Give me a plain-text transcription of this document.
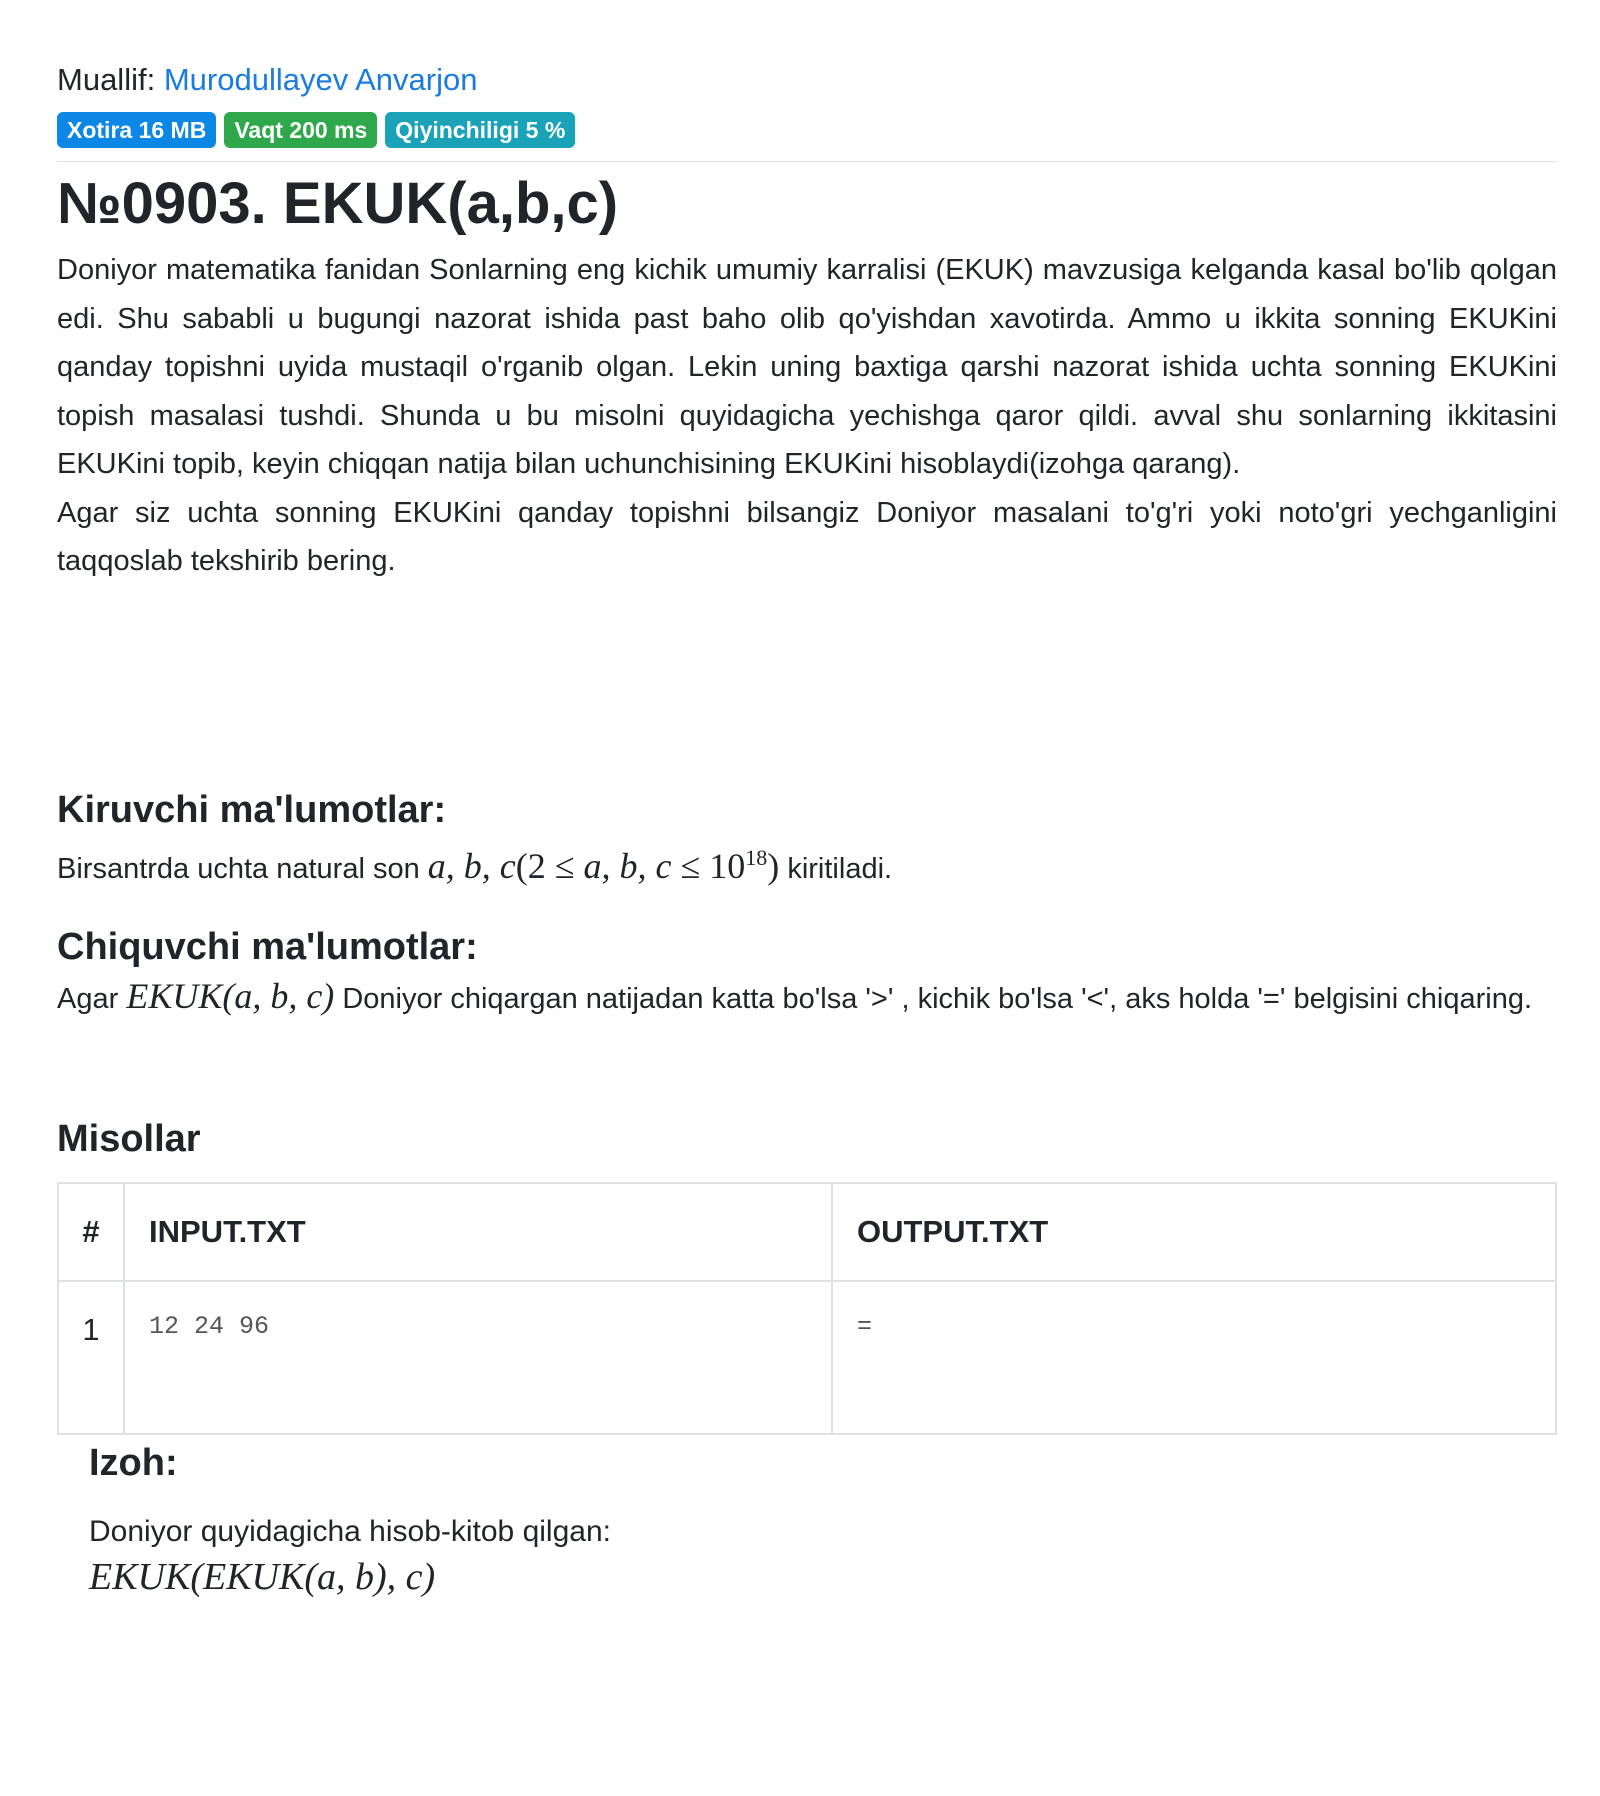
Muallif: Murodullayev Anvarjon
Xotira 16 MB	Vaqt 200 ms	Qiyinchiligi 5 %
№0903. EKUK(a,b,c)

Doniyor matematika fanidan Sonlarning eng kichik umumiy karralisi (EKUK) mavzusiga kelganda kasal bo'lib qolgan edi. Shu sababli u bugungi nazorat ishida past baho olib qo'yishdan xavotirda. Ammo u ikkita sonning EKUKini qanday topishni uyida mustaqil o'rganib olgan. Lekin uning baxtiga qarshi nazorat ishida uchta sonning EKUKini topish masalasi tushdi. Shunda u bu misolni quyidagicha yechishga qaror qildi. avval shu sonlarning ikkitasini EKUKini topib, keyin chiqqan natija bilan uchunchisining EKUKini hisoblaydi(izohga qarang).

Agar siz uchta sonning EKUKini qanday topishni bilsangiz Doniyor masalani to'g'ri yoki noto'gri yechganligini taqqoslab tekshirib bering.

Kiruvchi ma'lumotlar:
Birsantrda uchta natural son a, b, c(2 ≤ a, b, $c \le 10^{18}$) kiritiladi.
Chiquvchi ma'lumotlar:
Agar EKUK(a, b, c) Doniyor chiqargan natijadan katta bo'lsa '>' , kichik bo'lsa '<', aks holda '=' belgisini chiqaring.
Misollar
#	INPUT.TXT	OUTPUT.TXT
1	12 24 96	=
Izoh:
Doniyor quyidagicha hisob-kitob qilgan:
EKUK(EKUK(a, b), c)
